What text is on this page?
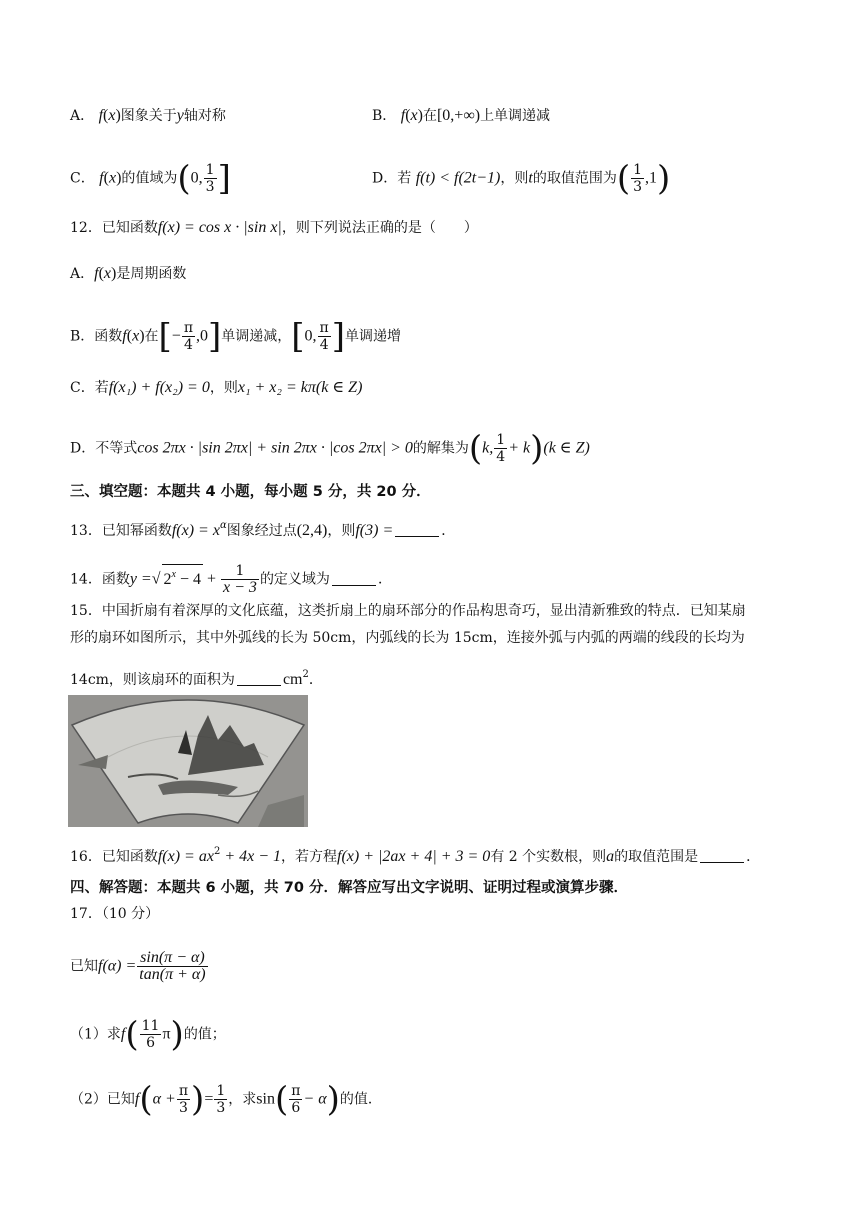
A． f(x)图象关于y轴对称	B． f(x)在[0,+∞)上单调递减
C． f(x)的值域为(0, $\frac{1}{3}$ ]	D．若 f(t) < f(2t−1)，则t的取值范围为( $\frac{1}{3} ,1$)
12．已知函数f(x) = cos x · |sin x|，则下列说法正确的是（　　）
A．f(x)是周期函数
B．函数f(x)在[− $\frac{\pi}{4} ,0$]单调递减，[0, $\frac{\pi}{4}$ ]单调递增
C．若f(x₁) + f(x₂) = 0，则x₁ + x₂ = kπ(k ∈ Z)
D．不等式cos 2πx · |sin 2πx| + sin 2πx · |cos 2πx| > 0的解集为(k, $\frac{1}{4} + k)(k$ ∈ Z)
三、填空题：本题共 4 小题，每小题 5 分，共 20 分．
13．已知幂函数$f(x) = x^\alpha$图象经过点(2,4)，则f(3) =	．
14．函数y =√ $2^x - 4 + \frac{1}{x - 3}$ 的定义域为	．
15．中国折扇有着深厚的文化底蕴，这类折扇上的扇环部分的作品构思奇巧，显出清新雅致的特点．已知某扇
形的扇环如图所示，其中外弧线的长为 50cm，内弧线的长为 15cm，连接外弧与内弧的两端的线段的长均为
14cm，则该扇环的面积为	$cm^2$．
16．已知函数$f(x) = ax^2 + 4x - 1$，若方程f(x) + |2ax + 4| + 3 = 0有 2 个实数根，则a的取值范围是	．
四、解答题：本题共 6 小题，共 70 分．解答应写出文字说明、证明过程或演算步骤．
17．（10 分）
已知$f(\alpha) = \frac{\sin(\pi - \alpha)}{\tan(\pi + \alpha)}$
（1）求$f( \frac{11}{6} \pi)$的值；
（2）已知$f(\alpha + \frac{\pi}{3}$ )= $\frac{1}{3}$ ，求$\sin( \frac{\pi}{6} - \alpha)$的值．
